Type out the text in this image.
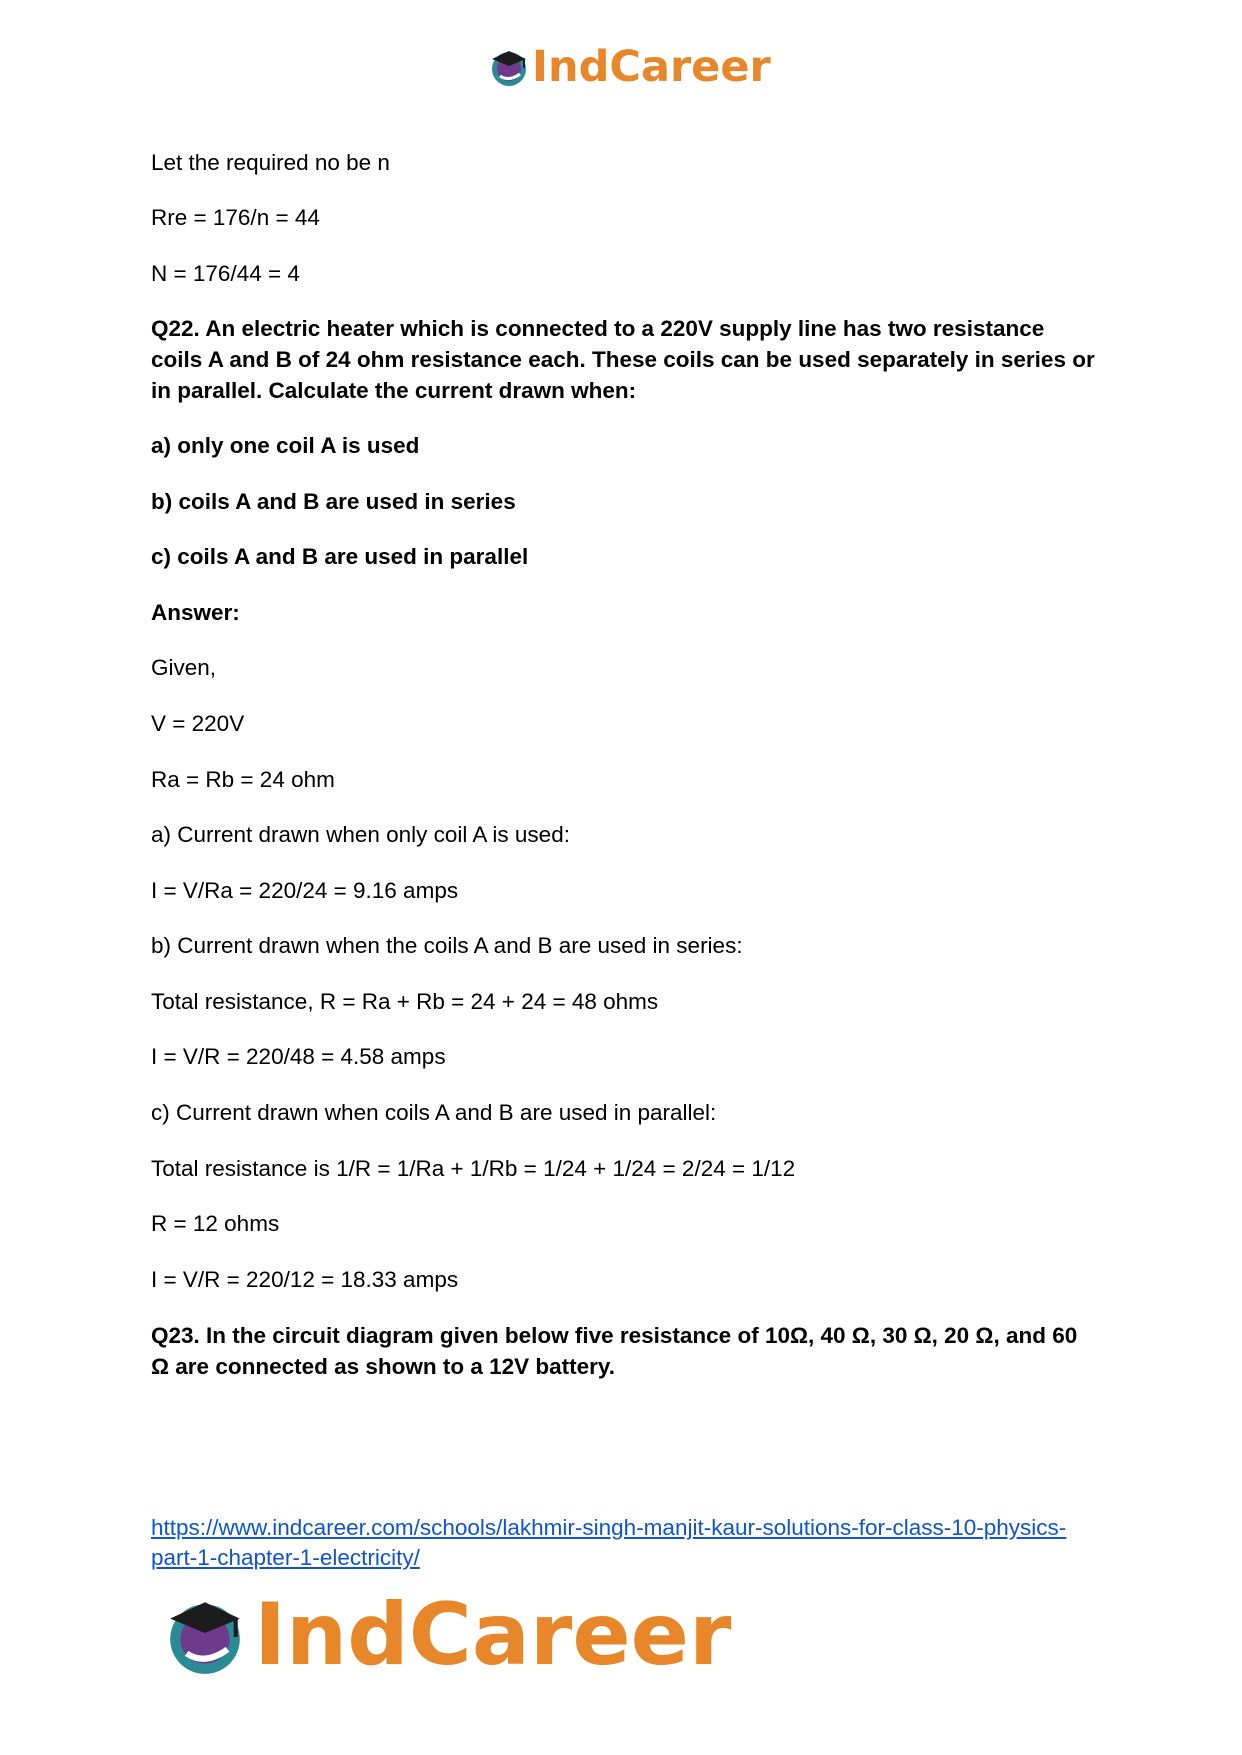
IndCareer
Let the required no be n
Rre = 176/n = 44
N = 176/44 = 4
Q22. An electric heater which is connected to a 220V supply line has two resistance coils A and B of 24 ohm resistance each. These coils can be used separately in series or in parallel. Calculate the current drawn when:
a) only one coil A is used
b) coils A and B are used in series
c) coils A and B are used in parallel
Answer:
Given,
V = 220V
Ra = Rb = 24 ohm
a) Current drawn when only coil A is used:
I = V/Ra = 220/24 = 9.16 amps
b) Current drawn when the coils A and B are used in series:
Total resistance, R = Ra + Rb = 24 + 24 = 48 ohms
I = V/R = 220/48 = 4.58 amps
c) Current drawn when coils A and B are used in parallel:
Total resistance is 1/R = 1/Ra + 1/Rb = 1/24 + 1/24 = 2/24 = 1/12
R = 12 ohms
I = V/R = 220/12 = 18.33 amps
Q23. In the circuit diagram given below five resistance of 10Ω, 40 Ω, 30 Ω, 20 Ω, and 60 Ω are connected as shown to a 12V battery.
https://www.indcareer.com/schools/lakhmir-singh-manjit-kaur-solutions-for-class-10-physics-part-1-chapter-1-electricity/
IndCareer
